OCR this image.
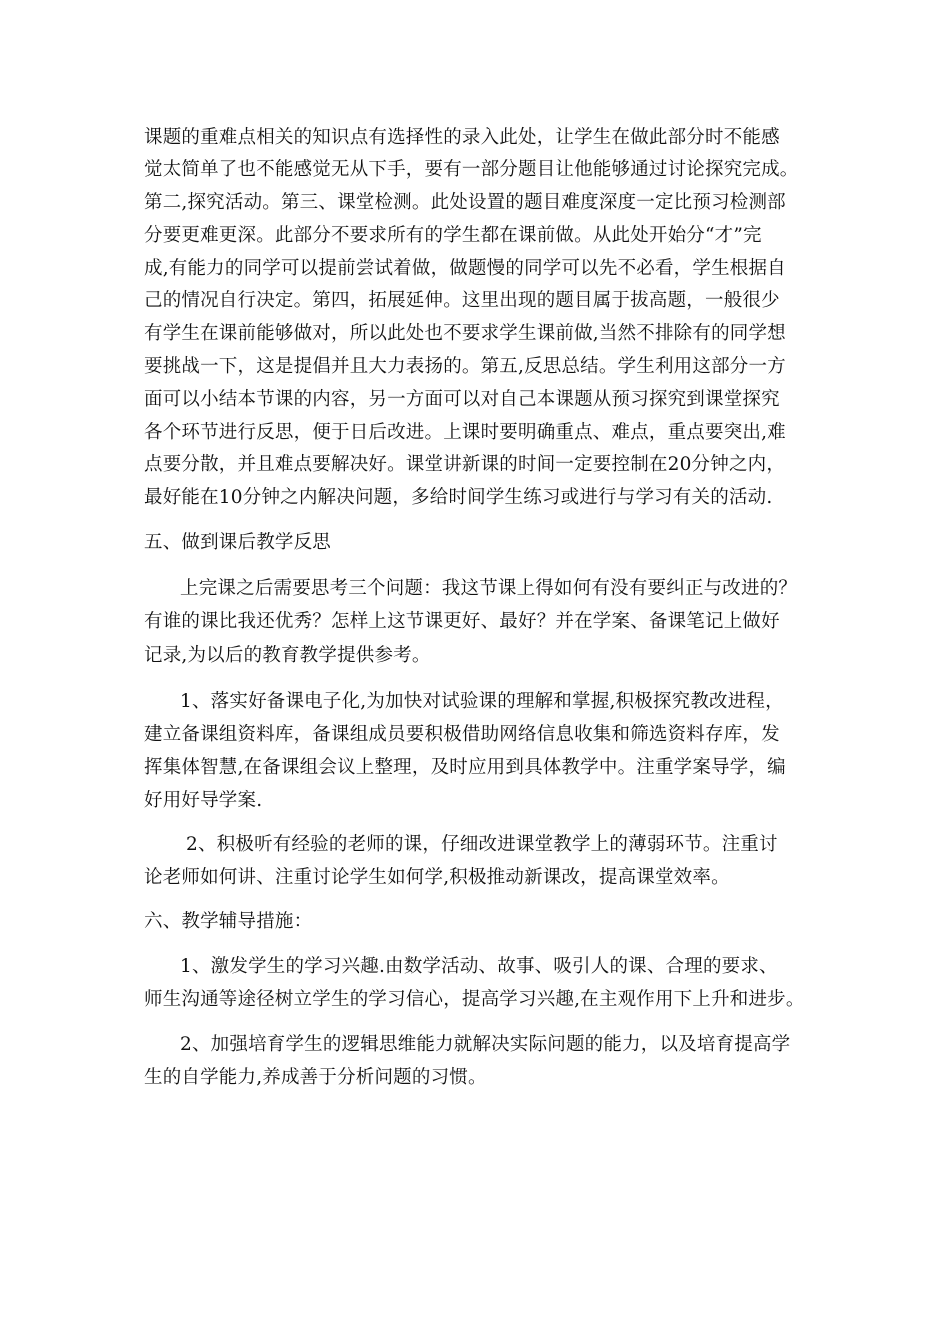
课题的重难点相关的知识点有选择性的录入此处，让学生在做此部分时不能感
觉太简单了也不能感觉无从下手，要有一部分题目让他能够通过讨论探究完成。
第二,探究活动。第三、课堂检测。此处设置的题目难度深度一定比预习检测部
分要更难更深。此部分不要求所有的学生都在课前做。从此处开始分“才”完
成,有能力的同学可以提前尝试着做，做题慢的同学可以先不必看，学生根据自
己的情况自行决定。第四，拓展延伸。这里出现的题目属于拔高题，一般很少
有学生在课前能够做对，所以此处也不要求学生课前做,当然不排除有的同学想
要挑战一下，这是提倡并且大力表扬的。第五,反思总结。学生利用这部分一方
面可以小结本节课的内容，另一方面可以对自己本课题从预习探究到课堂探究
各个环节进行反思，便于日后改进。上课时要明确重点、难点，重点要突出,难
点要分散，并且难点要解决好。课堂讲新课的时间一定要控制在20分钟之内，
最好能在10分钟之内解决问题，多给时间学生练习或进行与学习有关的活动.
五、做到课后教学反思
上完课之后需要思考三个问题：我这节课上得如何有没有要纠正与改进的？
有谁的课比我还优秀？怎样上这节课更好、最好？并在学案、备课笔记上做好
记录,为以后的教育教学提供参考。
1、落实好备课电子化,为加快对试验课的理解和掌握,积极探究教改进程，
建立备课组资料库，备课组成员要积极借助网络信息收集和筛选资料存库，发
挥集体智慧,在备课组会议上整理，及时应用到具体教学中。注重学案导学，编
好用好导学案.
2、积极听有经验的老师的课，仔细改进课堂教学上的薄弱环节。注重讨
论老师如何讲、注重讨论学生如何学,积极推动新课改，提高课堂效率。
六、教学辅导措施：
1、激发学生的学习兴趣.由数学活动、故事、吸引人的课、合理的要求、
师生沟通等途径树立学生的学习信心，提高学习兴趣,在主观作用下上升和进步。
2、加强培育学生的逻辑思维能力就解决实际问题的能力，以及培育提高学
生的自学能力,养成善于分析问题的习惯。
